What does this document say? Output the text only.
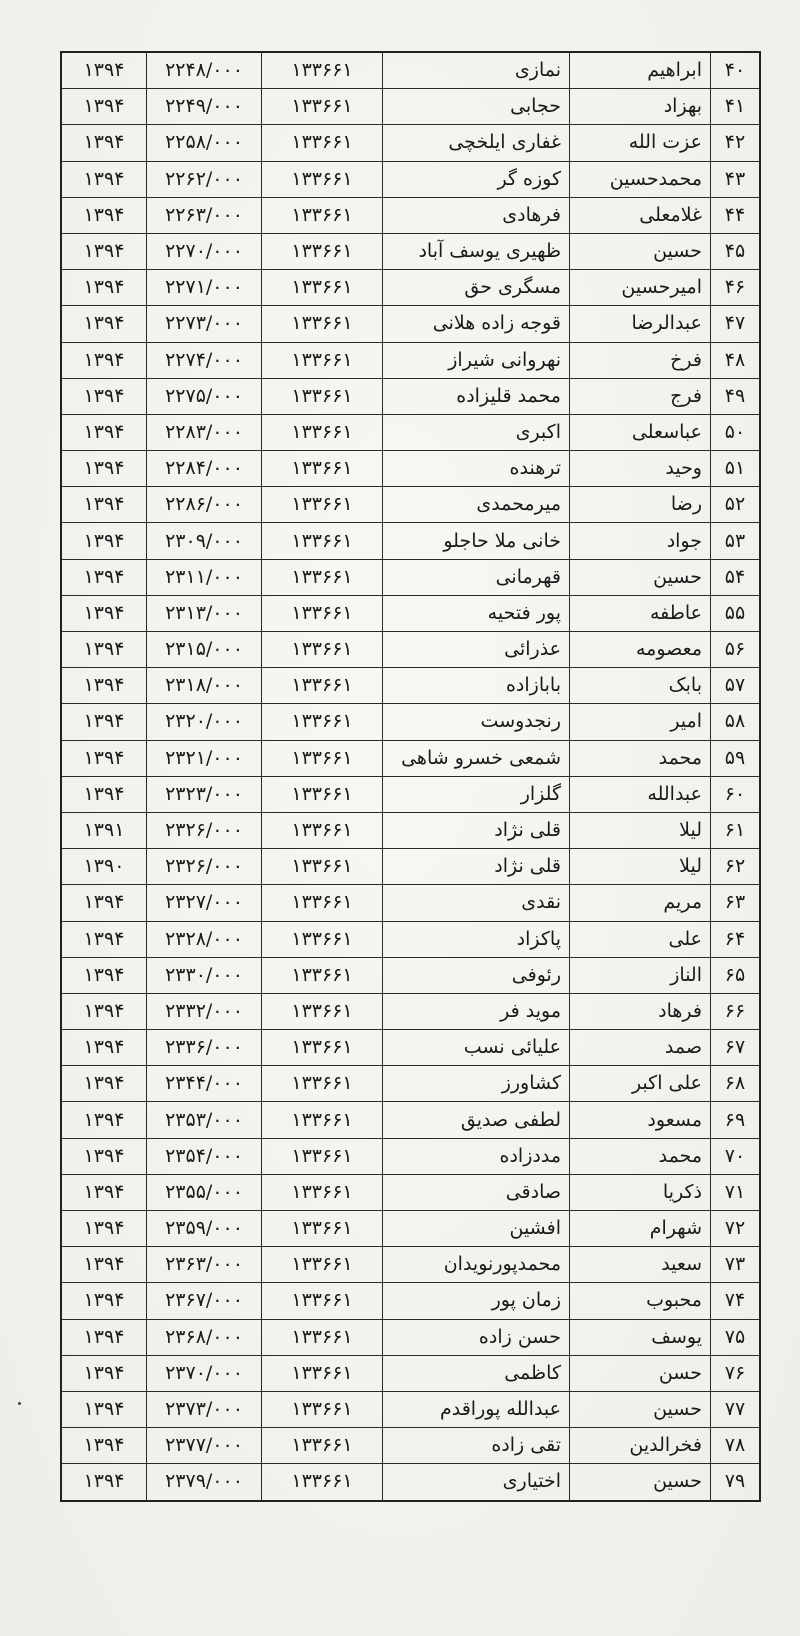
۱۳۹۴	۲۲۴۸/۰۰۰	۱۳۳۶۶۱	نمازی	ابراهیم	۴۰
۱۳۹۴	۲۲۴۹/۰۰۰	۱۳۳۶۶۱	حجابی	بهزاد	۴۱
۱۳۹۴	۲۲۵۸/۰۰۰	۱۳۳۶۶۱	غفاری ایلخچی	عزت الله	۴۲
۱۳۹۴	۲۲۶۲/۰۰۰	۱۳۳۶۶۱	کوزه گر	محمدحسین	۴۳
۱۳۹۴	۲۲۶۳/۰۰۰	۱۳۳۶۶۱	فرهادی	غلامعلی	۴۴
۱۳۹۴	۲۲۷۰/۰۰۰	۱۳۳۶۶۱	ظهیری یوسف آباد	حسین	۴۵
۱۳۹۴	۲۲۷۱/۰۰۰	۱۳۳۶۶۱	مسگری حق	امیرحسین	۴۶
۱۳۹۴	۲۲۷۳/۰۰۰	۱۳۳۶۶۱	قوجه زاده هلانی	عبدالرضا	۴۷
۱۳۹۴	۲۲۷۴/۰۰۰	۱۳۳۶۶۱	نهروانی شیراز	فرخ	۴۸
۱۳۹۴	۲۲۷۵/۰۰۰	۱۳۳۶۶۱	محمد قلیزاده	فرج	۴۹
۱۳۹۴	۲۲۸۳/۰۰۰	۱۳۳۶۶۱	اکبری	عباسعلی	۵۰
۱۳۹۴	۲۲۸۴/۰۰۰	۱۳۳۶۶۱	ترهنده	وحید	۵۱
۱۳۹۴	۲۲۸۶/۰۰۰	۱۳۳۶۶۱	میرمحمدی	رضا	۵۲
۱۳۹۴	۲۳۰۹/۰۰۰	۱۳۳۶۶۱	خانی ملا حاجلو	جواد	۵۳
۱۳۹۴	۲۳۱۱/۰۰۰	۱۳۳۶۶۱	قهرمانی	حسین	۵۴
۱۳۹۴	۲۳۱۳/۰۰۰	۱۳۳۶۶۱	پور فتحیه	عاطفه	۵۵
۱۳۹۴	۲۳۱۵/۰۰۰	۱۳۳۶۶۱	عذرائی	معصومه	۵۶
۱۳۹۴	۲۳۱۸/۰۰۰	۱۳۳۶۶۱	بابازاده	بابک	۵۷
۱۳۹۴	۲۳۲۰/۰۰۰	۱۳۳۶۶۱	رنجدوست	امیر	۵۸
۱۳۹۴	۲۳۲۱/۰۰۰	۱۳۳۶۶۱	شمعی خسرو شاهی	محمد	۵۹
۱۳۹۴	۲۳۲۳/۰۰۰	۱۳۳۶۶۱	گلزار	عبدالله	۶۰
۱۳۹۱	۲۳۲۶/۰۰۰	۱۳۳۶۶۱	قلی نژاد	لیلا	۶۱
۱۳۹۰	۲۳۲۶/۰۰۰	۱۳۳۶۶۱	قلی نژاد	لیلا	۶۲
۱۳۹۴	۲۳۲۷/۰۰۰	۱۳۳۶۶۱	نقدی	مریم	۶۳
۱۳۹۴	۲۳۲۸/۰۰۰	۱۳۳۶۶۱	پاکزاد	علی	۶۴
۱۳۹۴	۲۳۳۰/۰۰۰	۱۳۳۶۶۱	رئوفی	الناز	۶۵
۱۳۹۴	۲۳۳۲/۰۰۰	۱۳۳۶۶۱	موید فر	فرهاد	۶۶
۱۳۹۴	۲۳۳۶/۰۰۰	۱۳۳۶۶۱	علیائی نسب	صمد	۶۷
۱۳۹۴	۲۳۴۴/۰۰۰	۱۳۳۶۶۱	کشاورز	علی اکبر	۶۸
۱۳۹۴	۲۳۵۳/۰۰۰	۱۳۳۶۶۱	لطفی صدیق	مسعود	۶۹
۱۳۹۴	۲۳۵۴/۰۰۰	۱۳۳۶۶۱	مددزاده	محمد	۷۰
۱۳۹۴	۲۳۵۵/۰۰۰	۱۳۳۶۶۱	صادقی	ذکریا	۷۱
۱۳۹۴	۲۳۵۹/۰۰۰	۱۳۳۶۶۱	افشین	شهرام	۷۲
۱۳۹۴	۲۳۶۳/۰۰۰	۱۳۳۶۶۱	محمدپورنویدان	سعید	۷۳
۱۳۹۴	۲۳۶۷/۰۰۰	۱۳۳۶۶۱	زمان پور	محبوب	۷۴
۱۳۹۴	۲۳۶۸/۰۰۰	۱۳۳۶۶۱	حسن زاده	یوسف	۷۵
۱۳۹۴	۲۳۷۰/۰۰۰	۱۳۳۶۶۱	کاظمی	حسن	۷۶
۱۳۹۴	۲۳۷۳/۰۰۰	۱۳۳۶۶۱	عبدالله پوراقدم	حسین	۷۷
۱۳۹۴	۲۳۷۷/۰۰۰	۱۳۳۶۶۱	تقی زاده	فخرالدین	۷۸
۱۳۹۴	۲۳۷۹/۰۰۰	۱۳۳۶۶۱	اختیاری	حسین	۷۹
